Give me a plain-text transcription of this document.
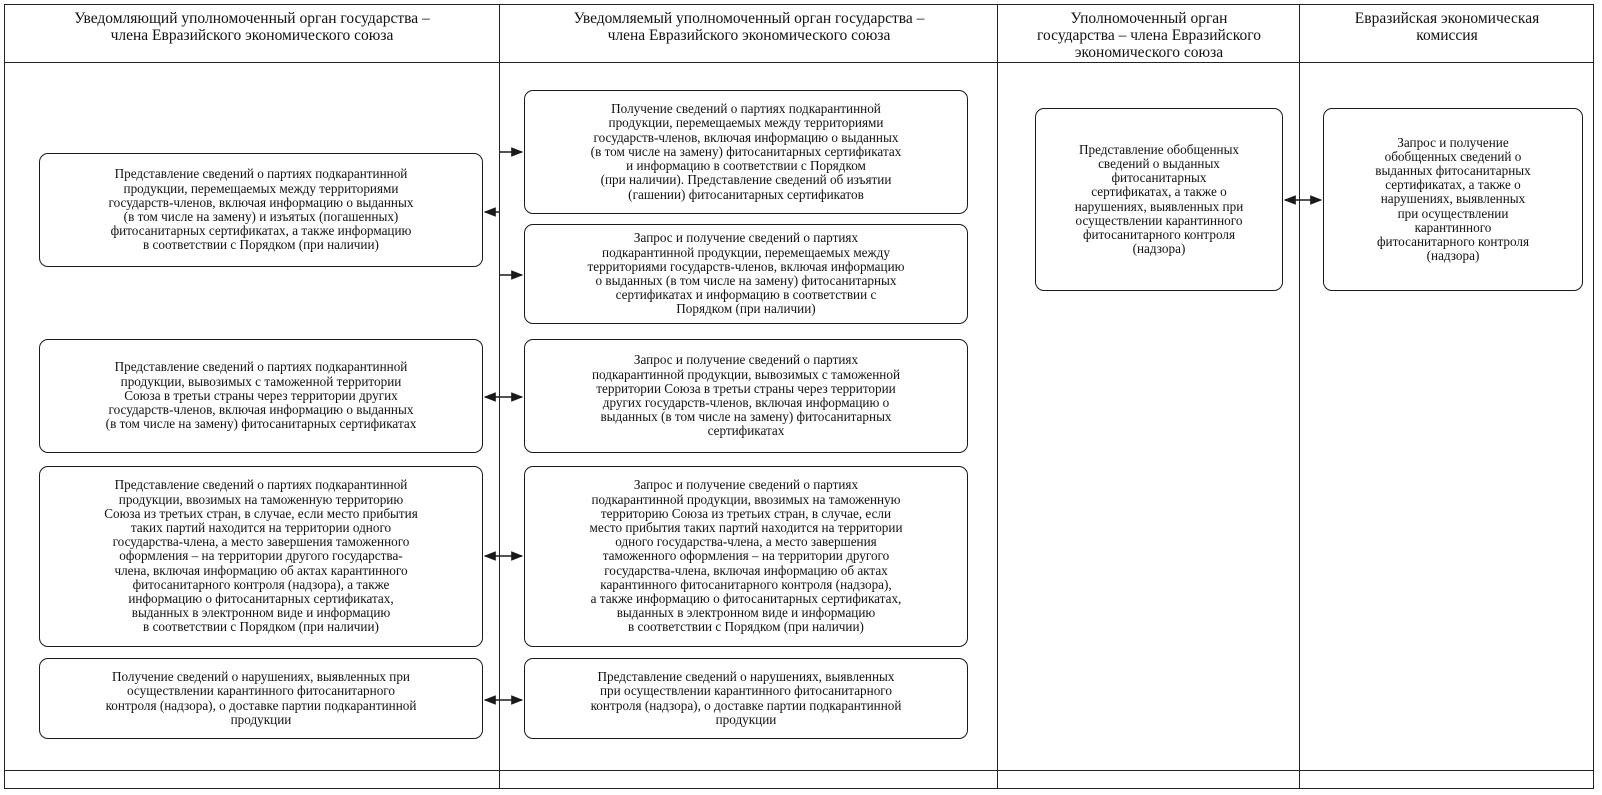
Уведомляющий уполномоченный орган государства –
члена Евразийского экономического союза
Уведомляемый уполномоченный орган государства –
члена Евразийского экономического союза
Уполномоченный орган
государства – члена Евразийского
экономического союза
Евразийская экономическая
комиссия
Представление сведений о партиях подкарантинной
продукции, перемещаемых между территориями
государств-членов, включая информацию о выданных
(в том числе на замену) и изъятых (погашенных)
фитосанитарных сертификатах, а также информацию
в соответствии с Порядком (при наличии)
Представление сведений о партиях подкарантинной
продукции, вывозимых с таможенной территории
Союза в третьи страны через территории других
государств-членов, включая информацию о выданных
(в том числе на замену) фитосанитарных сертификатах
Представление сведений о партиях подкарантинной
продукции, ввозимых на таможенную территорию
Союза из третьих стран, в случае, если место прибытия
таких партий находится на территории одного
государства-члена, а место завершения таможенного
оформления – на территории другого государства-
члена, включая информацию об актах карантинного
фитосанитарного контроля (надзора), а также
информацию о фитосанитарных сертификатах,
выданных в электронном виде и информацию
в соответствии с Порядком (при наличии)
Получение сведений о нарушениях, выявленных при
осуществлении карантинного фитосанитарного
контроля (надзора), о доставке партии подкарантинной
продукции
Получение сведений о партиях подкарантинной
продукции, перемещаемых между территориями
государств-членов, включая информацию о выданных
(в том числе на замену) фитосанитарных сертификатах
и информацию в соответствии с Порядком
(при наличии). Представление сведений об изъятии
(гашении) фитосанитарных сертификатов
Запрос и получение сведений о партиях
подкарантинной продукции, перемещаемых между
территориями государств-членов, включая информацию
о выданных (в том числе на замену) фитосанитарных
сертификатах и информацию в соответствии с
Порядком (при наличии)
Запрос и получение сведений о партиях
подкарантинной продукции, вывозимых с таможенной
территории Союза в третьи страны через территории
других государств-членов, включая информацию о
выданных (в том числе на замену) фитосанитарных
сертификатах
Запрос и получение сведений о партиях
подкарантинной продукции, ввозимых на таможенную
территорию Союза из третьих стран, в случае, если
место прибытия таких партий находится на территории
одного государства-члена, а место завершения
таможенного оформления – на территории другого
государства-члена, включая информацию об актах
карантинного фитосанитарного контроля (надзора),
а также информацию о фитосанитарных сертификатах,
выданных в электронном виде и информацию
в соответствии с Порядком (при наличии)
Представление сведений о нарушениях, выявленных
при осуществлении карантинного фитосанитарного
контроля (надзора), о доставке партии подкарантинной
продукции
Представление обобщенных
сведений о выданных
фитосанитарных
сертификатах, а также о
нарушениях, выявленных при
осуществлении карантинного
фитосанитарного контроля
(надзора)
Запрос и получение
обобщенных сведений о
выданных фитосанитарных
сертификатах, а также о
нарушениях, выявленных
при осуществлении
карантинного
фитосанитарного контроля
(надзора)
